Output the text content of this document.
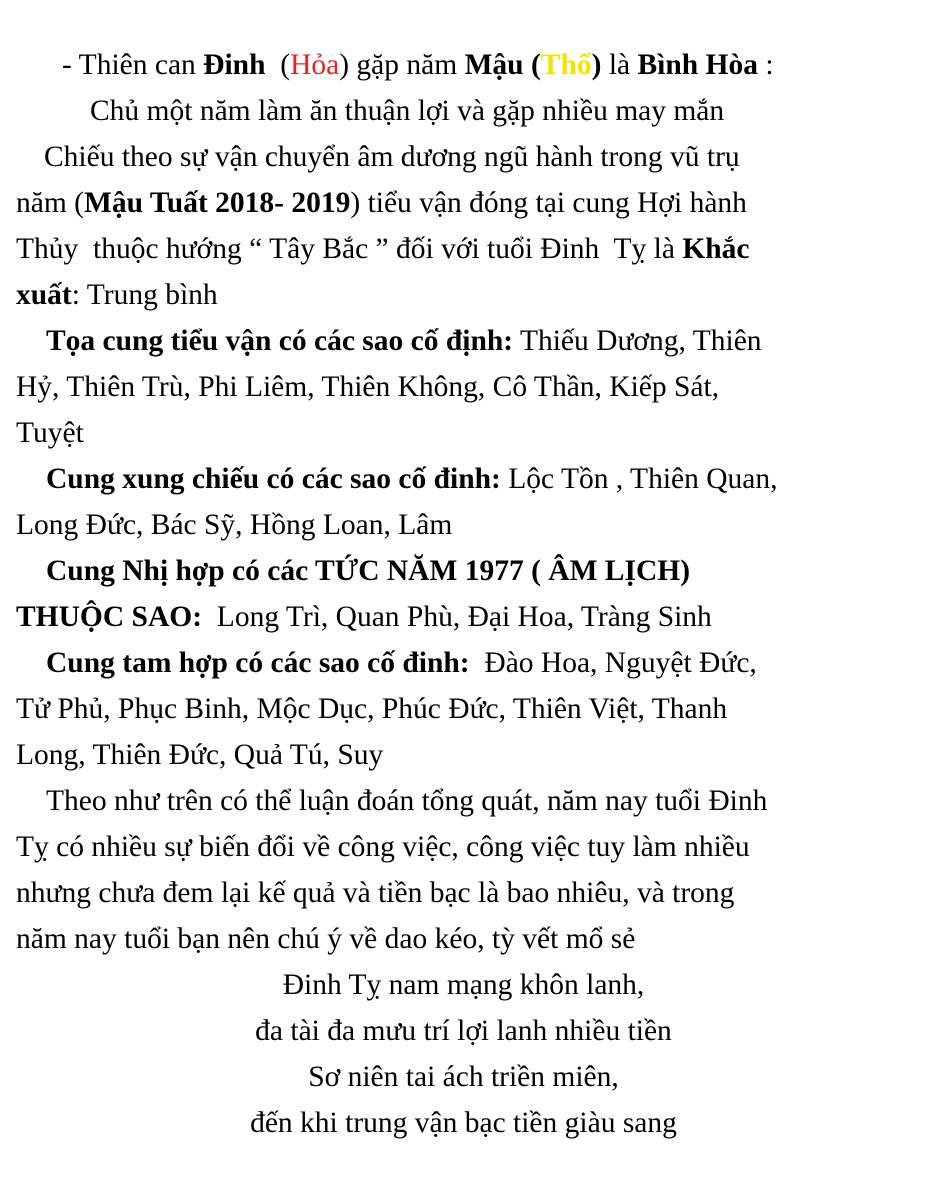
- Thiên can Đinh  (Hỏa) gặp năm Mậu (Thổ) là Bình Hòa :
Chủ một năm làm ăn thuận lợi và gặp nhiều may mắn
Chiếu theo sự vận chuyển âm dương ngũ hành trong vũ trụ
năm (Mậu Tuất 2018- 2019) tiểu vận đóng tại cung Hợi hành
Thủy  thuộc hướng “ Tây Bắc ” đối với tuổi Đinh  Tỵ là Khắc
xuất: Trung bình
Tọa cung tiểu vận có các sao cố định: Thiếu Dương, Thiên
Hỷ, Thiên Trù, Phi Liêm, Thiên Không, Cô Thần, Kiếp Sát,
Tuyệt
Cung xung chiếu có các sao cố đinh: Lộc Tồn , Thiên Quan,
Long Đức, Bác Sỹ, Hồng Loan, Lâm
Cung Nhị hợp có các TỨC NĂM 1977 ( ÂM LỊCH)
THUỘC SAO:  Long Trì, Quan Phù, Đại Hoa, Tràng Sinh
Cung tam hợp có các sao cố đinh:  Đào Hoa, Nguyệt Đức,
Tử Phủ, Phục Binh, Mộc Dục, Phúc Đức, Thiên Việt, Thanh
Long, Thiên Đức, Quả Tú, Suy
Theo như trên có thể luận đoán tổng quát, năm nay tuổi Đinh
Tỵ có nhiều sự biến đổi về công việc, công việc tuy làm nhiều
nhưng chưa đem lại kế quả và tiền bạc là bao nhiêu, và trong
năm nay tuổi bạn nên chú ý về dao kéo, tỳ vết mổ sẻ
Đinh Tỵ nam mạng khôn lanh,
đa tài đa mưu trí lợi lanh nhiều tiền
Sơ niên tai ách triền miên,
đến khi trung vận bạc tiền giàu sang
